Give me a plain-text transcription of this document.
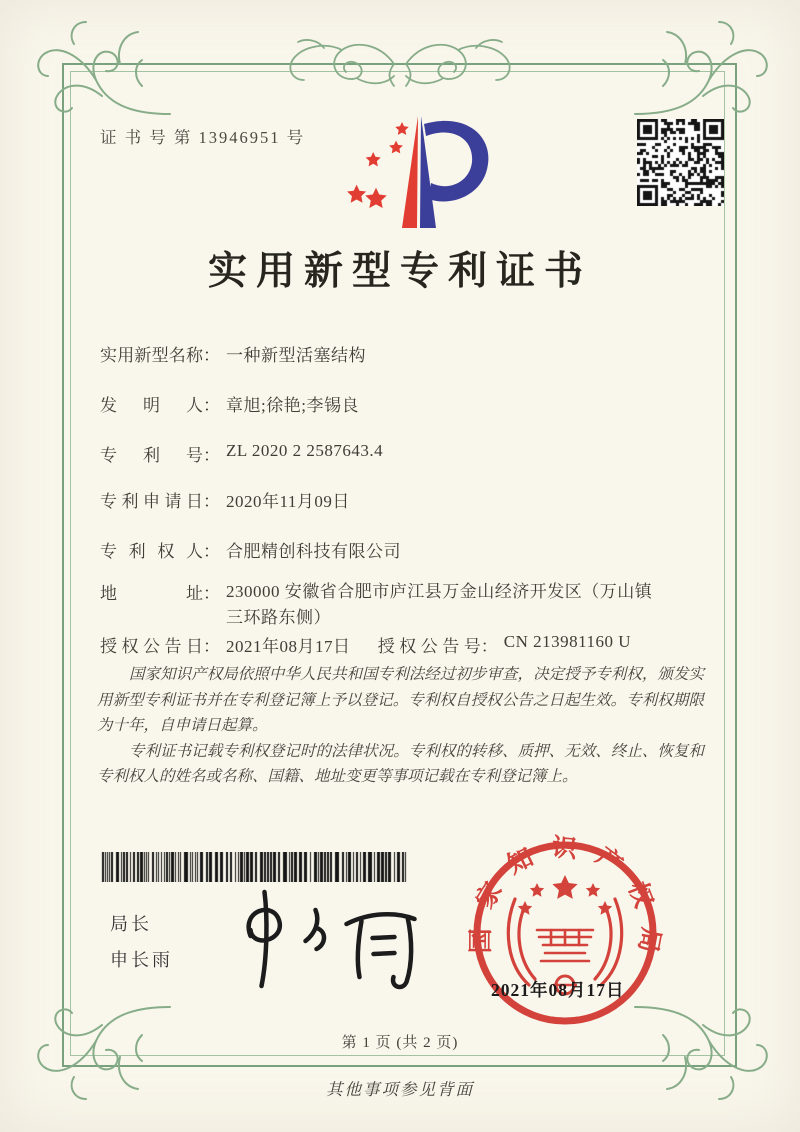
证 书 号 第 13946951 号
实用新型专利证书
实用新型名称： 一种新型活塞结构
发明人： 章旭;徐艳;李锡良
专利号： ZL 2020 2 2587643.4
专利申请日： 2020年11月09日
专利权人： 合肥精创科技有限公司
地址： 230000 安徽省合肥市庐江县万金山经济开发区（万山镇三环路东侧）
授权公告日： 2021年08月17日 授权公告号： CN 213981160 U

国家知识产权局依照中华人民共和国专利法经过初步审查，决定授予专利权，颁发实用新型专利证书并在专利登记簿上予以登记。专利权自授权公告之日起生效。专利权期限为十年，自申请日起算。

专利证书记载专利权登记时的法律状况。专利权的转移、质押、无效、终止、恢复和专利权人的姓名或名称、国籍、地址变更等事项记载在专利登记簿上。

局长
申长雨
国家知识产权局
2021年08月17日
第 1 页 (共 2 页)
其他事项参见背面
